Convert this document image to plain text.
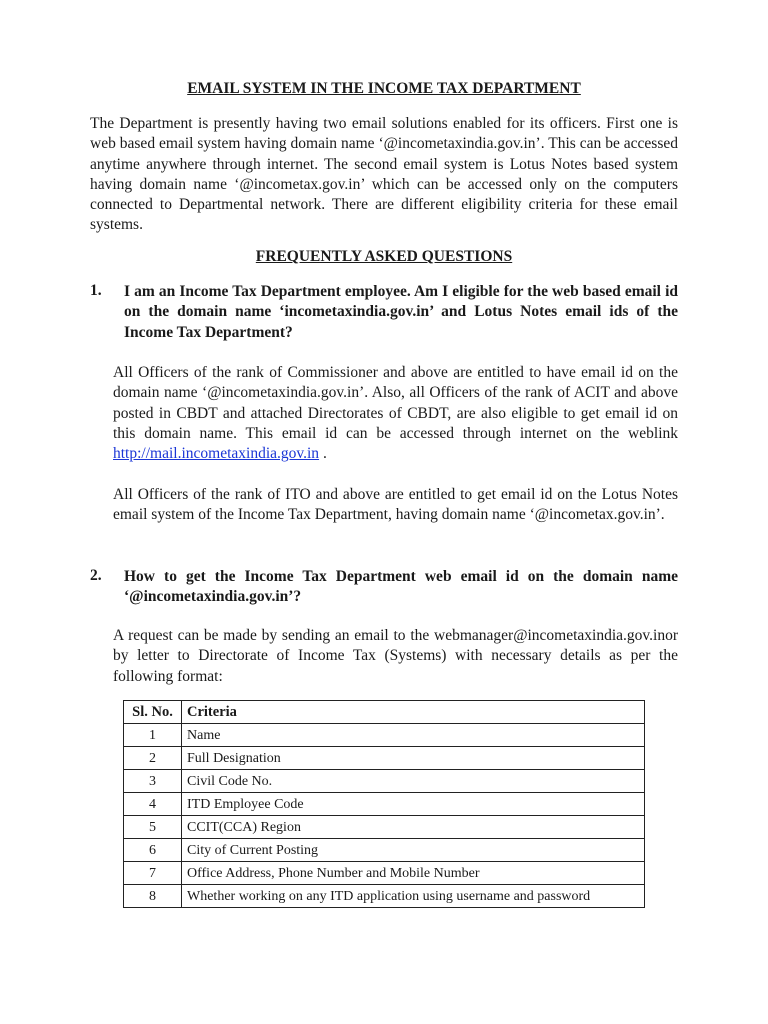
EMAIL SYSTEM IN THE INCOME TAX DEPARTMENT

The Department is presently having two email solutions enabled for its officers. First one is web based email system having domain name ‘@incometaxindia.gov.in’. This can be accessed anytime anywhere through internet. The second email system is Lotus Notes based system having domain name ‘@incometax.gov.in’ which can be accessed only on the computers connected to Departmental network. There are different eligibility criteria for these email systems.

FREQUENTLY ASKED QUESTIONS
1. I am an Income Tax Department employee. Am I eligible for the web based email id on the domain name ‘incometaxindia.gov.in’ and Lotus Notes email ids of the Income Tax Department?

All Officers of the rank of Commissioner and above are entitled to have email id on the domain name ‘@incometaxindia.gov.in’. Also, all Officers of the rank of ACIT and above posted in CBDT and attached Directorates of CBDT, are also eligible to get email id on this domain name. This email id can be accessed through internet on the weblink http://mail.incometaxindia.gov.in .

All Officers of the rank of ITO and above are entitled to get email id on the Lotus Notes email system of the Income Tax Department, having domain name ‘@incometax.gov.in’.

2. How to get the Income Tax Department web email id on the domain name ‘@incometaxindia.gov.in’?

A request can be made by sending an email to the webmanager@incometaxindia.gov.inor by letter to Directorate of Income Tax (Systems) with necessary details as per the following format:

Sl. No.	Criteria
1	Name
2	Full Designation
3	Civil Code No.
4	ITD Employee Code
5	CCIT(CCA) Region
6	City of Current Posting
7	Office Address, Phone Number and Mobile Number
8	Whether working on any ITD application using username and password
